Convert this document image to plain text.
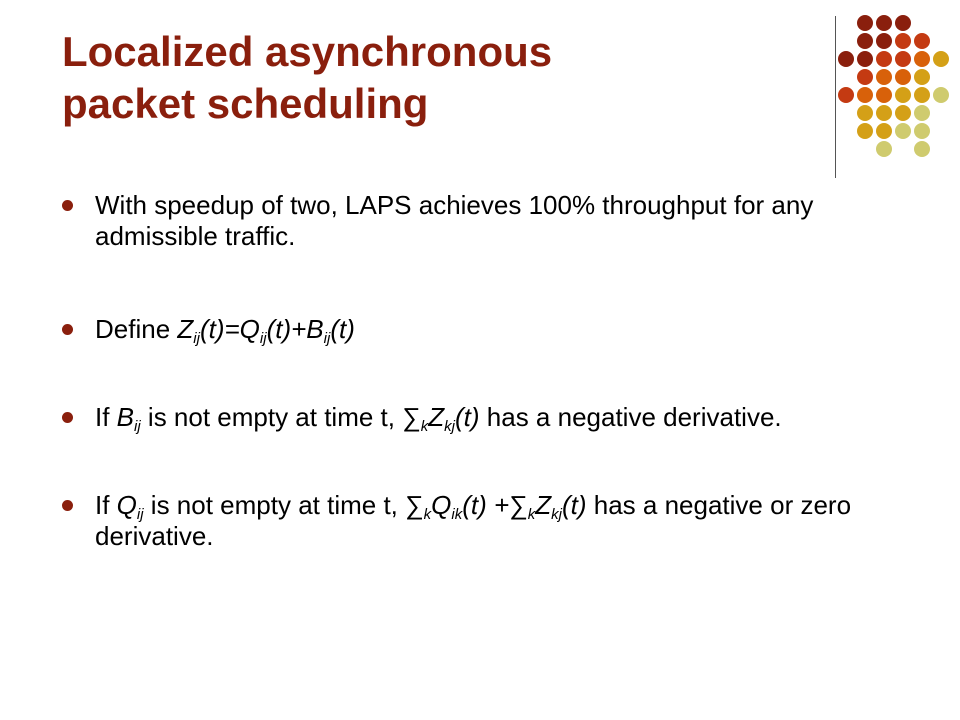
Localized asynchronous
packet scheduling
With speedup of two, LAPS achieves 100% throughput for any admissible traffic.
Define $Z_{ij}(t)=Q_{ij}(t)+B_{ij}(t)$
If $B_{ij}$ is not empty at time t, $\sum_kZ_{kj}(t)$ has a negative derivative.
If $Q_{ij}$ is not empty at time t, $\sum_kQ_{ik}(t) +\sum_kZ_{kj}(t)$ has a negative or zero derivative.
